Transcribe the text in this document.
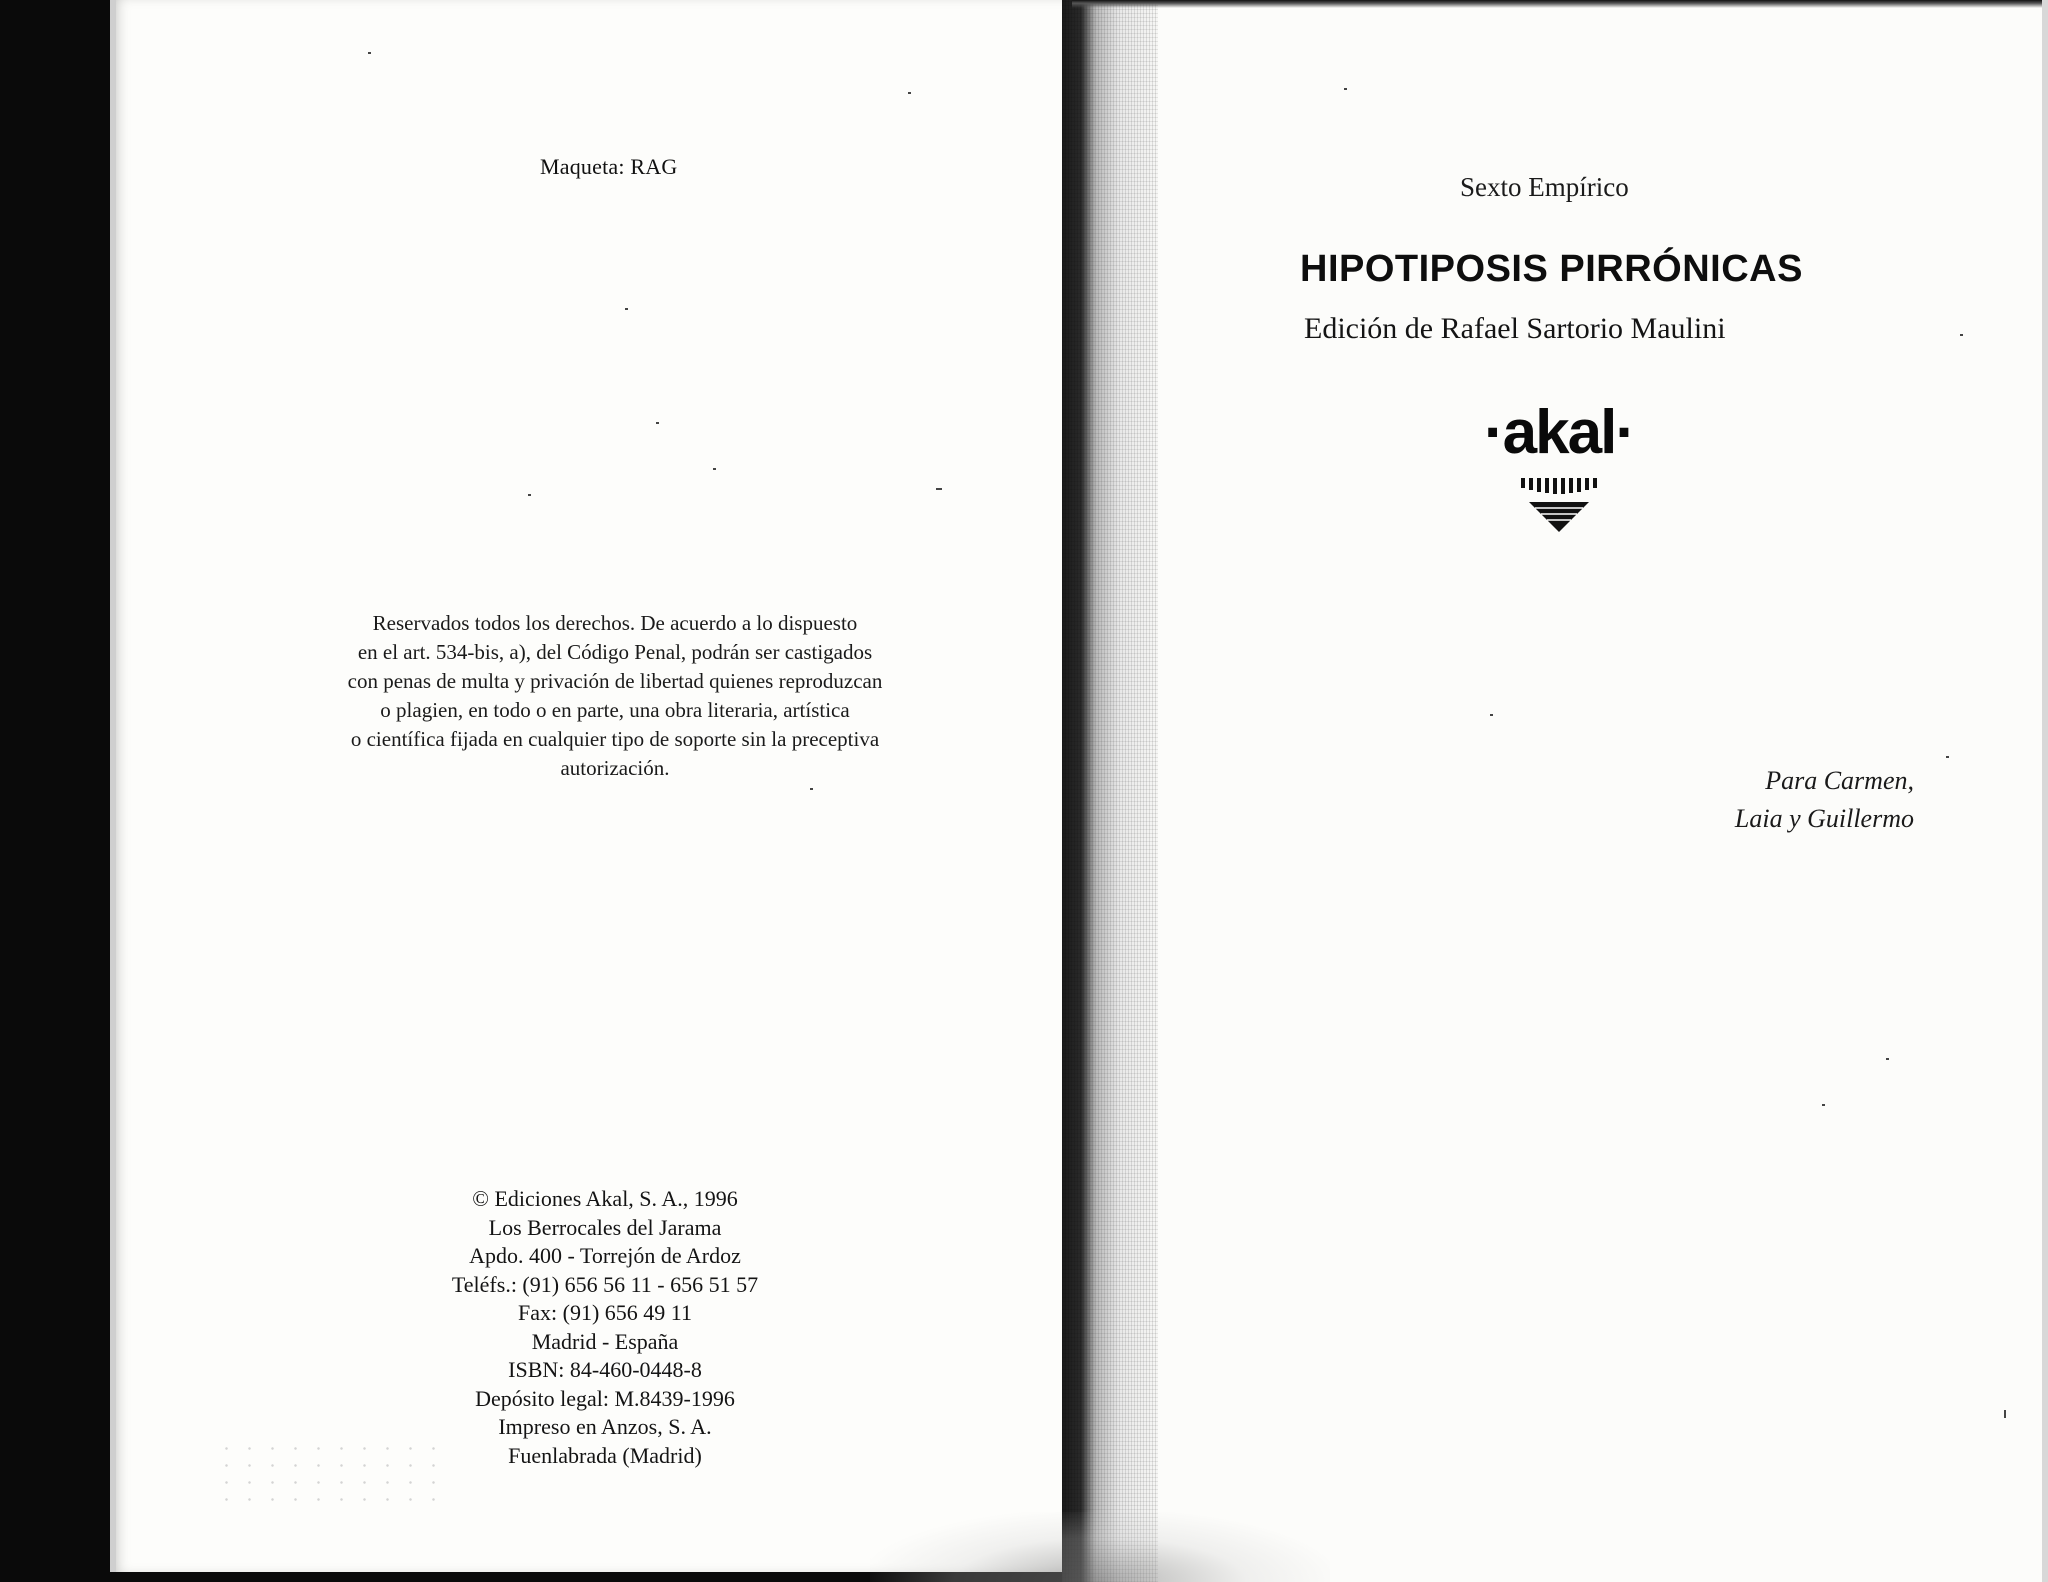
Maqueta: RAG
Reservados todos los derechos. De acuerdo a lo dispuesto
en el art. 534-bis, a), del Código Penal, podrán ser castigados
con penas de multa y privación de libertad quienes reproduzcan
o plagien, en todo o en parte, una obra literaria, artística
o científica fijada en cualquier tipo de soporte sin la preceptiva
autorización.
© Ediciones Akal, S. A., 1996
Los Berrocales del Jarama
Apdo. 400 - Torrejón de Ardoz
Teléfs.: (91) 656 56 11 - 656 51 57
Fax: (91) 656 49 11
Madrid - España
ISBN: 84-460-0448-8
Depósito legal: M.8439-1996
Impreso en Anzos, S. A.
Fuenlabrada (Madrid)
Sexto Empírico
HIPOTIPOSIS PIRRÓNICAS
Edición de Rafael Sartorio Maulini
·akal·
Para Carmen,
Laia y Guillermo
